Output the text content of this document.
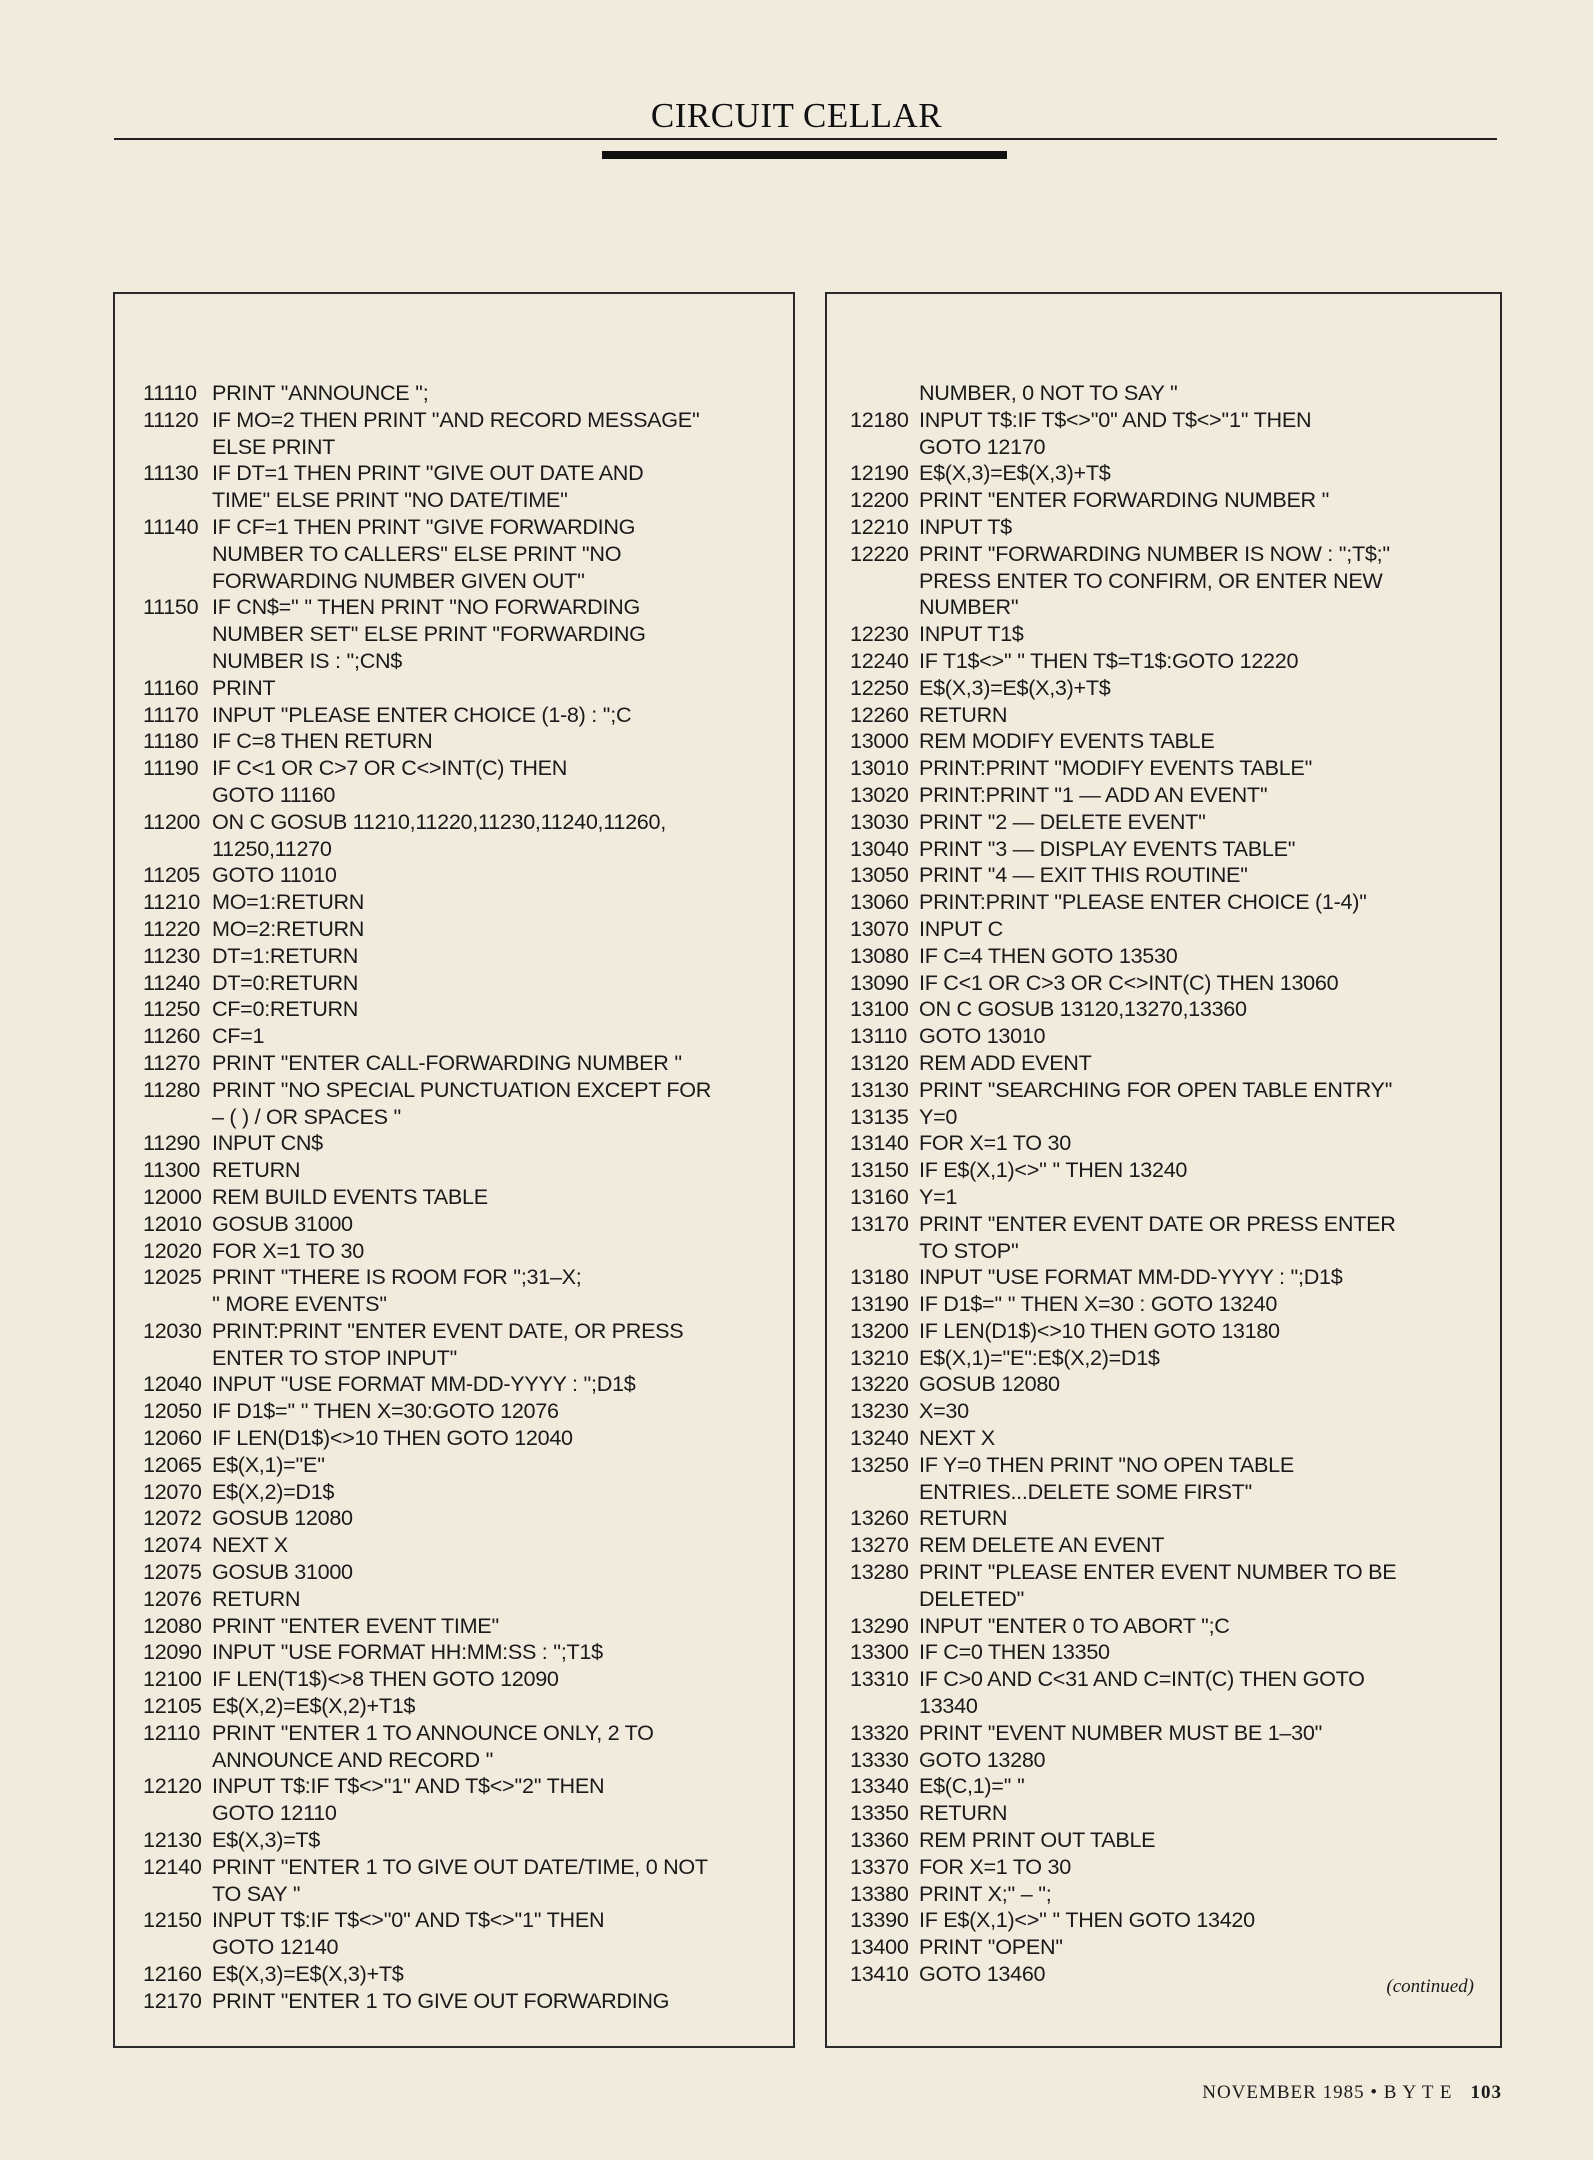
CIRCUIT CELLAR
11110 PRINT ''ANNOUNCE '';
11120 IF MO=2 THEN PRINT ''AND RECORD MESSAGE''
ELSE PRINT
11130 IF DT=1 THEN PRINT ''GIVE OUT DATE AND
TIME'' ELSE PRINT ''NO DATE/TIME''
11140 IF CF=1 THEN PRINT ''GIVE FORWARDING
NUMBER TO CALLERS'' ELSE PRINT ''NO
FORWARDING NUMBER GIVEN OUT''
11150 IF CN$='' '' THEN PRINT ''NO FORWARDING
NUMBER SET'' ELSE PRINT ''FORWARDING
NUMBER IS : '';CN$
11160 PRINT
11170 INPUT ''PLEASE ENTER CHOICE (1-8) : '';C
11180 IF C=8 THEN RETURN
11190 IF C<1 OR C>7 OR C<>INT(C) THEN
GOTO 11160
11200 ON C GOSUB 11210,11220,11230,11240,11260,
11250,11270
11205 GOTO 11010
11210 MO=1:RETURN
11220 MO=2:RETURN
11230 DT=1:RETURN
11240 DT=0:RETURN
11250 CF=0:RETURN
11260 CF=1
11270 PRINT ''ENTER CALL-FORWARDING NUMBER ''
11280 PRINT ''NO SPECIAL PUNCTUATION EXCEPT FOR
– ( ) / OR SPACES ''
11290 INPUT CN$
11300 RETURN
12000 REM BUILD EVENTS TABLE
12010 GOSUB 31000
12020 FOR X=1 TO 30
12025 PRINT ''THERE IS ROOM FOR '';31–X;
'' MORE EVENTS''
12030 PRINT:PRINT ''ENTER EVENT DATE, OR PRESS
ENTER TO STOP INPUT''
12040 INPUT ''USE FORMAT MM-DD-YYYY : '';D1$
12050 IF D1$='' '' THEN X=30:GOTO 12076
12060 IF LEN(D1$)<>10 THEN GOTO 12040
12065 E$(X,1)=''E''
12070 E$(X,2)=D1$
12072 GOSUB 12080
12074 NEXT X
12075 GOSUB 31000
12076 RETURN
12080 PRINT ''ENTER EVENT TIME''
12090 INPUT ''USE FORMAT HH:MM:SS : '';T1$
12100 IF LEN(T1$)<>8 THEN GOTO 12090
12105 E$(X,2)=E$(X,2)+T1$
12110 PRINT ''ENTER 1 TO ANNOUNCE ONLY, 2 TO
ANNOUNCE AND RECORD ''
12120 INPUT T$:IF T$<>''1'' AND T$<>''2'' THEN
GOTO 12110
12130 E$(X,3)=T$
12140 PRINT ''ENTER 1 TO GIVE OUT DATE/TIME, 0 NOT
TO SAY ''
12150 INPUT T$:IF T$<>''0'' AND T$<>''1'' THEN
GOTO 12140
12160 E$(X,3)=E$(X,3)+T$
12170 PRINT ''ENTER 1 TO GIVE OUT FORWARDING
NUMBER, 0 NOT TO SAY ''
12180 INPUT T$:IF T$<>''0'' AND T$<>''1'' THEN
GOTO 12170
12190 E$(X,3)=E$(X,3)+T$
12200 PRINT ''ENTER FORWARDING NUMBER ''
12210 INPUT T$
12220 PRINT ''FORWARDING NUMBER IS NOW : '';T$;''
PRESS ENTER TO CONFIRM, OR ENTER NEW
NUMBER''
12230 INPUT T1$
12240 IF T1$<>'' '' THEN T$=T1$:GOTO 12220
12250 E$(X,3)=E$(X,3)+T$
12260 RETURN
13000 REM MODIFY EVENTS TABLE
13010 PRINT:PRINT ''MODIFY EVENTS TABLE''
13020 PRINT:PRINT ''1 — ADD AN EVENT''
13030 PRINT ''2 — DELETE EVENT''
13040 PRINT ''3 — DISPLAY EVENTS TABLE''
13050 PRINT ''4 — EXIT THIS ROUTINE''
13060 PRINT:PRINT ''PLEASE ENTER CHOICE (1-4)''
13070 INPUT C
13080 IF C=4 THEN GOTO 13530
13090 IF C<1 OR C>3 OR C<>INT(C) THEN 13060
13100 ON C GOSUB 13120,13270,13360
13110 GOTO 13010
13120 REM ADD EVENT
13130 PRINT ''SEARCHING FOR OPEN TABLE ENTRY''
13135 Y=0
13140 FOR X=1 TO 30
13150 IF E$(X,1)<>'' '' THEN 13240
13160 Y=1
13170 PRINT ''ENTER EVENT DATE OR PRESS ENTER
TO STOP''
13180 INPUT ''USE FORMAT MM-DD-YYYY : '';D1$
13190 IF D1$='' '' THEN X=30 : GOTO 13240
13200 IF LEN(D1$)<>10 THEN GOTO 13180
13210 E$(X,1)=''E'':E$(X,2)=D1$
13220 GOSUB 12080
13230 X=30
13240 NEXT X
13250 IF Y=0 THEN PRINT ''NO OPEN TABLE
ENTRIES...DELETE SOME FIRST''
13260 RETURN
13270 REM DELETE AN EVENT
13280 PRINT ''PLEASE ENTER EVENT NUMBER TO BE
DELETED''
13290 INPUT ''ENTER 0 TO ABORT '';C
13300 IF C=0 THEN 13350
13310 IF C>0 AND C<31 AND C=INT(C) THEN GOTO
13340
13320 PRINT ''EVENT NUMBER MUST BE 1–30''
13330 GOTO 13280
13340 E$(C,1)='' ''
13350 RETURN
13360 REM PRINT OUT TABLE
13370 FOR X=1 TO 30
13380 PRINT X;'' – '';
13390 IF E$(X,1)<>'' '' THEN GOTO 13420
13400 PRINT ''OPEN''
13410 GOTO 13460
(continued)
NOVEMBER 1985 • B Y T E 103
